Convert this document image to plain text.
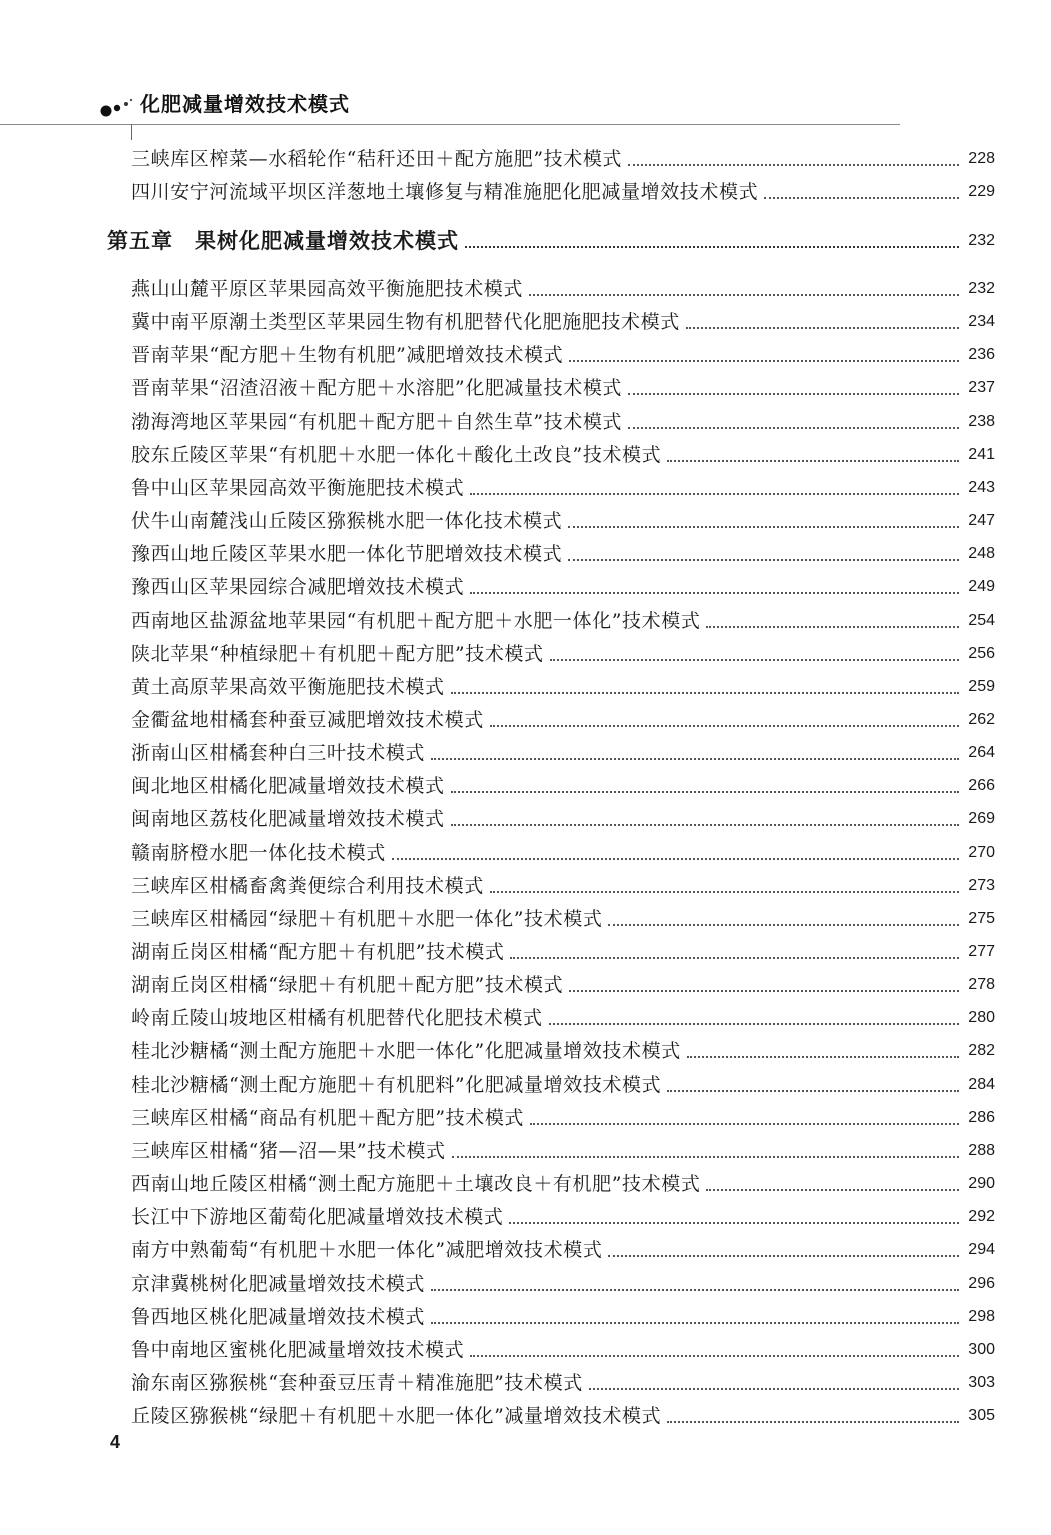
化肥减量增效技术模式
三峡库区榨菜—水稻轮作“秸秆还田＋配方施肥”技术模式	228
四川安宁河流域平坝区洋葱地土壤修复与精准施肥化肥减量增效技术模式	229
第五章　果树化肥减量增效技术模式	232
燕山山麓平原区苹果园高效平衡施肥技术模式	232
冀中南平原潮土类型区苹果园生物有机肥替代化肥施肥技术模式	234
晋南苹果“配方肥＋生物有机肥”减肥增效技术模式	236
晋南苹果“沼渣沼液＋配方肥＋水溶肥”化肥减量技术模式	237
渤海湾地区苹果园“有机肥＋配方肥＋自然生草”技术模式	238
胶东丘陵区苹果“有机肥＋水肥一体化＋酸化土改良”技术模式	241
鲁中山区苹果园高效平衡施肥技术模式	243
伏牛山南麓浅山丘陵区猕猴桃水肥一体化技术模式	247
豫西山地丘陵区苹果水肥一体化节肥增效技术模式	248
豫西山区苹果园综合减肥增效技术模式	249
西南地区盐源盆地苹果园“有机肥＋配方肥＋水肥一体化”技术模式	254
陕北苹果“种植绿肥＋有机肥＋配方肥”技术模式	256
黄土高原苹果高效平衡施肥技术模式	259
金衢盆地柑橘套种蚕豆减肥增效技术模式	262
浙南山区柑橘套种白三叶技术模式	264
闽北地区柑橘化肥减量增效技术模式	266
闽南地区荔枝化肥减量增效技术模式	269
赣南脐橙水肥一体化技术模式	270
三峡库区柑橘畜禽粪便综合利用技术模式	273
三峡库区柑橘园“绿肥＋有机肥＋水肥一体化”技术模式	275
湖南丘岗区柑橘“配方肥＋有机肥”技术模式	277
湖南丘岗区柑橘“绿肥＋有机肥＋配方肥”技术模式	278
岭南丘陵山坡地区柑橘有机肥替代化肥技术模式	280
桂北沙糖橘“测土配方施肥＋水肥一体化”化肥减量增效技术模式	282
桂北沙糖橘“测土配方施肥＋有机肥料”化肥减量增效技术模式	284
三峡库区柑橘“商品有机肥＋配方肥”技术模式	286
三峡库区柑橘“猪—沼—果”技术模式	288
西南山地丘陵区柑橘“测土配方施肥＋土壤改良＋有机肥”技术模式	290
长江中下游地区葡萄化肥减量增效技术模式	292
南方中熟葡萄“有机肥＋水肥一体化”减肥增效技术模式	294
京津冀桃树化肥减量增效技术模式	296
鲁西地区桃化肥减量增效技术模式	298
鲁中南地区蜜桃化肥减量增效技术模式	300
渝东南区猕猴桃“套种蚕豆压青＋精准施肥”技术模式	303
丘陵区猕猴桃“绿肥＋有机肥＋水肥一体化”减量增效技术模式	305
4
